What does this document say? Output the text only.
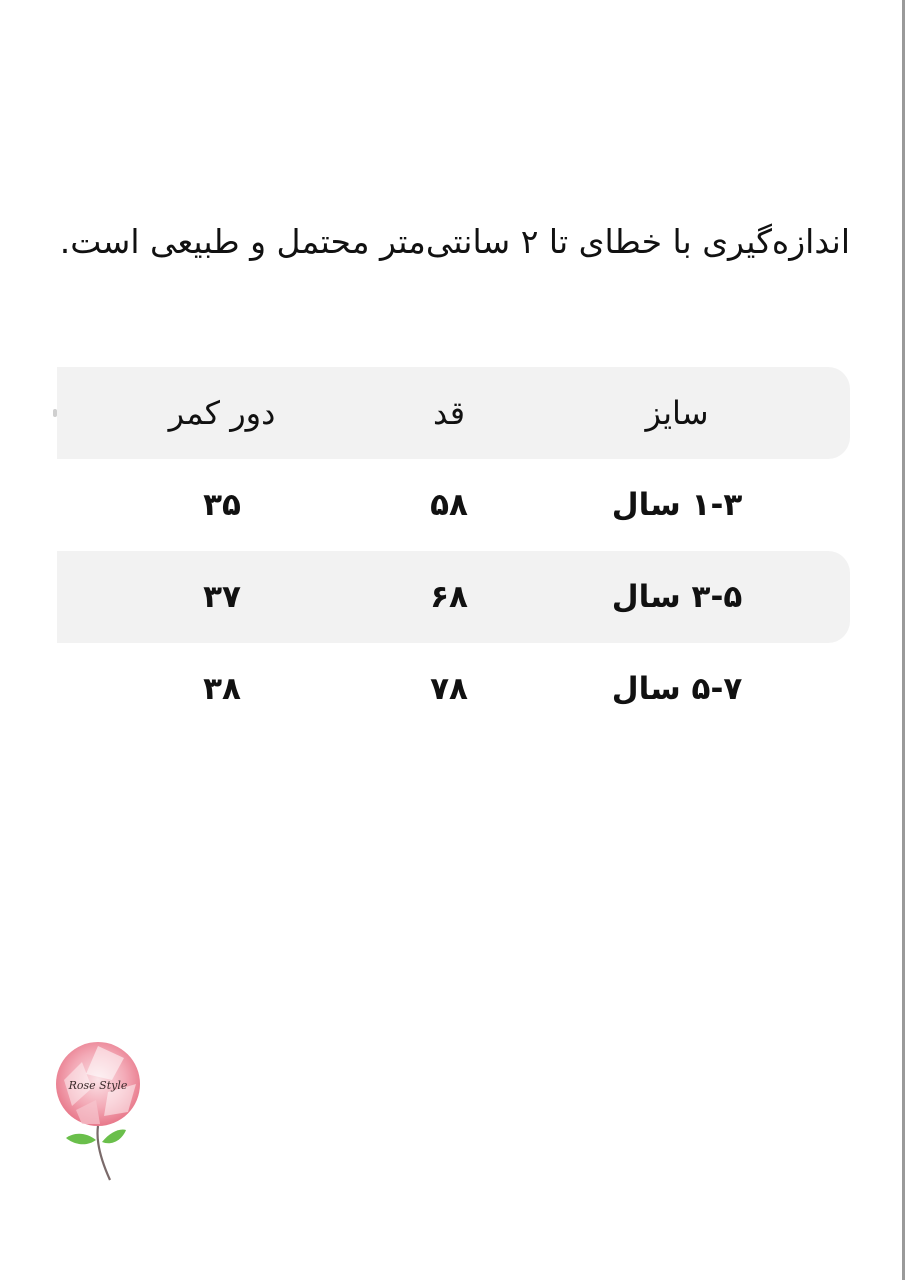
اندازه‌گیری با خطای تا ۲ سانتی‌متر محتمل و طبیعی است.
سایز
قد
دور کمر
۱-۳ سال
۵۸
۳۵
۳-۵ سال
۶۸
۳۷
۵-۷ سال
۷۸
۳۸
Rose Style
